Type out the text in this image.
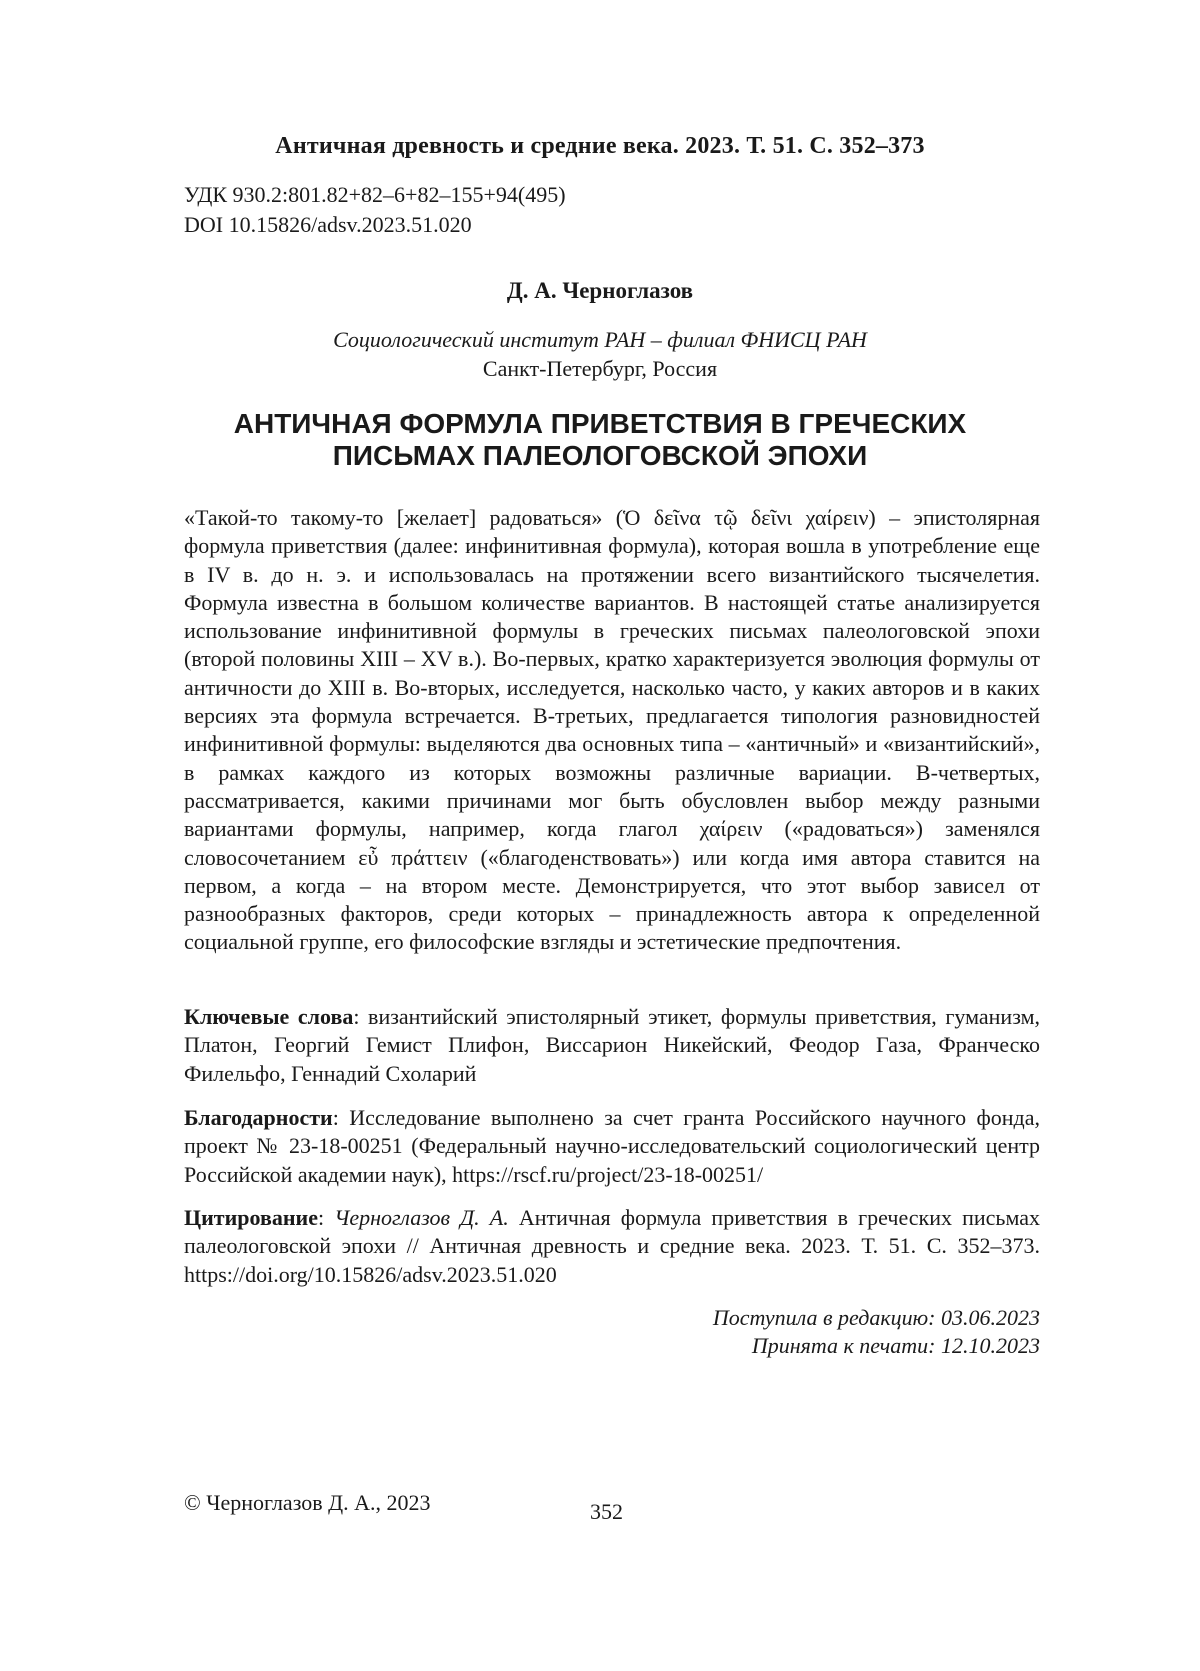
Античная древность и средние века. 2023. Т. 51. С. 352–373
УДК 930.2:801.82+82–6+82–155+94(495)
DOI 10.15826/adsv.2023.51.020
Д. А. Черноглазов
Социологический институт РАН – филиал ФНИСЦ РАН
Санкт-Петербург, Россия
АНТИЧНАЯ ФОРМУЛА ПРИВЕТСТВИЯ В ГРЕЧЕСКИХ
ПИСЬМАХ ПАЛЕОЛОГОВСКОЙ ЭПОХИ

«Такой-то такому-то [желает] радоваться» (Ὁ δεῖνα τῷ δεῖνι χαίρειν) – эпистолярная формула приветствия (далее: инфинитивная формула), которая вошла в употребление еще в IV в. до н. э. и использовалась на протяжении всего византийского тысячелетия. Формула известна в большом количестве вариантов. В настоящей статье анализируется использование инфинитивной формулы в греческих письмах палеологовской эпохи (второй половины XIII – XV в.). Во-первых, кратко характеризуется эволюция формулы от античности до XIII в. Во-вторых, исследуется, насколько часто, у каких авторов и в каких версиях эта формула встречается. В-третьих, предлагается типология разновидностей инфинитивной формулы: выделяются два основных типа – «античный» и «византийский», в рамках каждого из которых возможны различные вариации. В-четвертых, рассматривается, какими причинами мог быть обусловлен выбор между разными вариантами формулы, например, когда глагол χαίρειν («радоваться») заменялся словосочетанием εὖ πράττειν («благоденствовать») или когда имя автора ставится на первом, а когда – на втором месте. Демонстрируется, что этот выбор зависел от разнообразных факторов, среди которых – принадлежность автора к определенной социальной группе, его философские взгляды и эстетические предпочтения.

Ключевые слова: византийский эпистолярный этикет, формулы приветствия, гуманизм, Платон, Георгий Гемист Плифон, Виссарион Никейский, Феодор Газа, Франческо Филельфо, Геннадий Схоларий

Благодарности: Исследование выполнено за счет гранта Российского научного фонда, проект № 23-18-00251 (Федеральный научно-исследовательский социологический центр Российской академии наук), https://rscf.ru/project/23-18-00251/

Цитирование: Черноглазов Д. А. Античная формула приветствия в греческих письмах палеологовской эпохи // Античная древность и средние века. 2023. Т. 51. С. 352–373. https://doi.org/10.15826/adsv.2023.51.020

Поступила в редакцию: 03.06.2023
Принята к печати: 12.10.2023
© Черноглазов Д. А., 2023	352
